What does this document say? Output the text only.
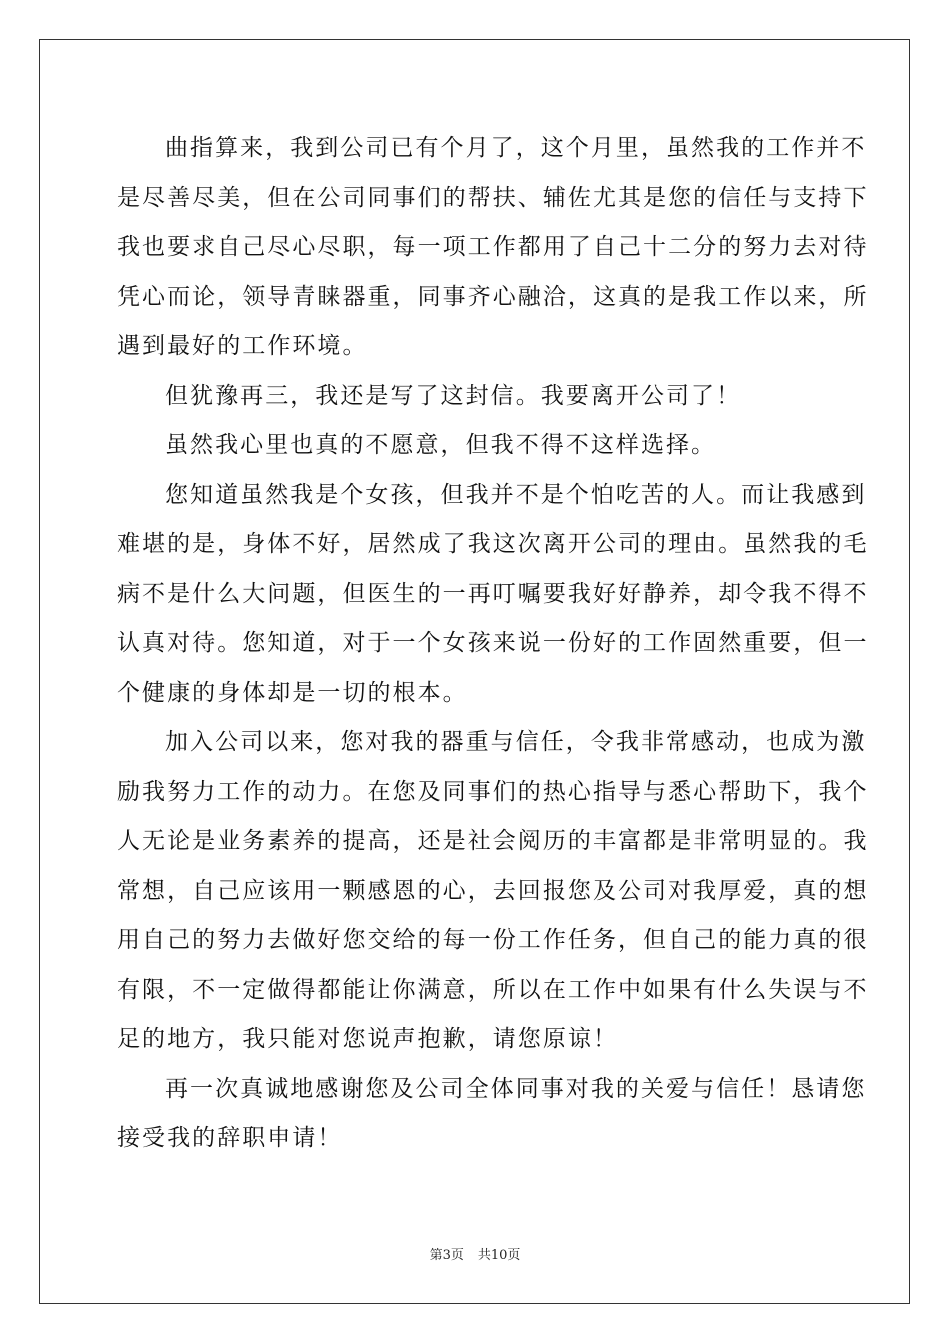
曲指算来，我到公司已有个月了，这个月里，虽然我的工作并不
是尽善尽美，但在公司同事们的帮扶、辅佐尤其是您的信任与支持下
我也要求自己尽心尽职，每一项工作都用了自己十二分的努力去对待
凭心而论，领导青睐器重，同事齐心融洽，这真的是我工作以来，所
遇到最好的工作环境。
但犹豫再三，我还是写了这封信。我要离开公司了！
虽然我心里也真的不愿意，但我不得不这样选择。
您知道虽然我是个女孩，但我并不是个怕吃苦的人。而让我感到
难堪的是，身体不好，居然成了我这次离开公司的理由。虽然我的毛
病不是什么大问题，但医生的一再叮嘱要我好好静养，却令我不得不
认真对待。您知道，对于一个女孩来说一份好的工作固然重要，但一
个健康的身体却是一切的根本。
加入公司以来，您对我的器重与信任，令我非常感动，也成为激
励我努力工作的动力。在您及同事们的热心指导与悉心帮助下，我个
人无论是业务素养的提高，还是社会阅历的丰富都是非常明显的。我
常想，自己应该用一颗感恩的心，去回报您及公司对我厚爱，真的想
用自己的努力去做好您交给的每一份工作任务，但自己的能力真的很
有限，不一定做得都能让你满意，所以在工作中如果有什么失误与不
足的地方，我只能对您说声抱歉，请您原谅！
再一次真诚地感谢您及公司全体同事对我的关爱与信任！恳请您
接受我的辞职申请！
第3页 共10页
